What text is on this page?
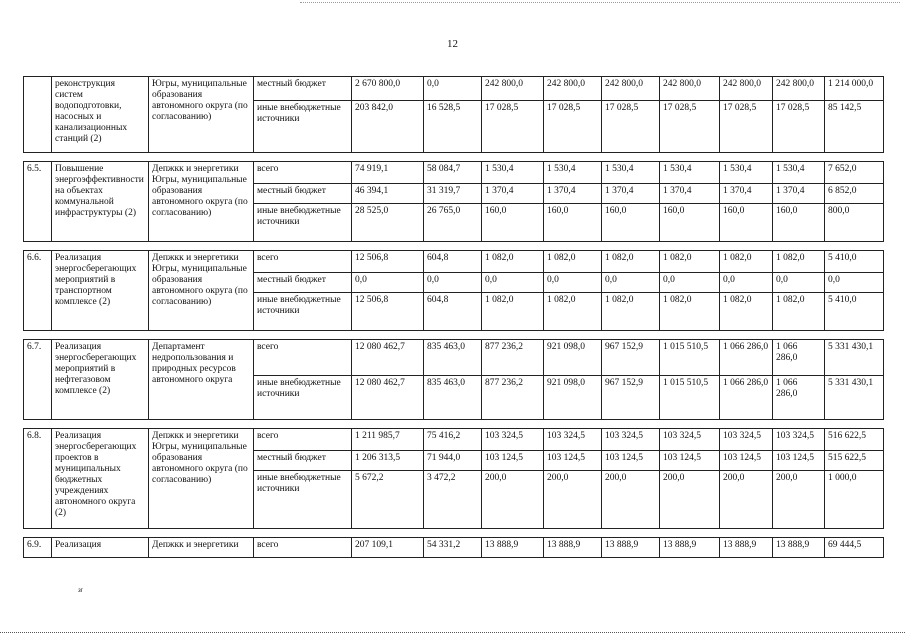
12
	реконструкция систем водоподготовки, насосных и канализационных станций (2)	Югры, муниципальные образования автономного округа (по согласованию)	местный бюджет	2 670 800,0	0,0	242 800,0	242 800,0	242 800,0	242 800,0	242 800,0	242 800,0	1 214 000,0
			иные внебюджетные источники	203 842,0	16 528,5	17 028,5	17 028,5	17 028,5	17 028,5	17 028,5	17 028,5	85 142,5

6.5.	Повышение энергоэффективности на объектах коммунальной инфраструктуры (2)	Депжкк и энергетики Югры, муниципальные образования автономного округа (по согласованию)	всего	74 919,1	58 084,7	1 530,4	1 530,4	1 530,4	1 530,4	1 530,4	1 530,4	7 652,0
			местный бюджет	46 394,1	31 319,7	1 370,4	1 370,4	1 370,4	1 370,4	1 370,4	1 370,4	6 852,0
			иные внебюджетные источники	28 525,0	26 765,0	160,0	160,0	160,0	160,0	160,0	160,0	800,0

6.6.	Реализация энергосберегающих мероприятий в транспортном комплексе (2)	Депжкк и энергетики Югры, муниципальные образования автономного округа (по согласованию)	всего	12 506,8	604,8	1 082,0	1 082,0	1 082,0	1 082,0	1 082,0	1 082,0	5 410,0
			местный бюджет	0,0	0,0	0,0	0,0	0,0	0,0	0,0	0,0	0,0
			иные внебюджетные источники	12 506,8	604,8	1 082,0	1 082,0	1 082,0	1 082,0	1 082,0	1 082,0	5 410,0

6.7.	Реализация энергосберегающих мероприятий в нефтегазовом комплексе (2)	Департамент недропользования и природных ресурсов автономного округа	всего	12 080 462,7	835 463,0	877 236,2	921 098,0	967 152,9	1 015 510,5	1 066 286,0	1 066 286,0	5 331 430,1
			иные внебюджетные источники	12 080 462,7	835 463,0	877 236,2	921 098,0	967 152,9	1 015 510,5	1 066 286,0	1 066 286,0	5 331 430,1

6.8.	Реализация энергосберегающих проектов в муниципальных бюджетных учреждениях автономного округа (2)	Депжкк и энергетики Югры, муниципальные образования автономного округа (по согласованию)	всего	1 211 985,7	75 416,2	103 324,5	103 324,5	103 324,5	103 324,5	103 324,5	103 324,5	516 622,5
			местный бюджет	1 206 313,5	71 944,0	103 124,5	103 124,5	103 124,5	103 124,5	103 124,5	103 124,5	515 622,5
			иные внебюджетные источники	5 672,2	3 472,2	200,0	200,0	200,0	200,0	200,0	200,0	1 000,0

6.9.	Реализация	Депжкк и энергетики	всего	207 109,1	54 331,2	13 888,9	13 888,9	13 888,9	13 888,9	13 888,9	13 888,9	69 444,5
зг
